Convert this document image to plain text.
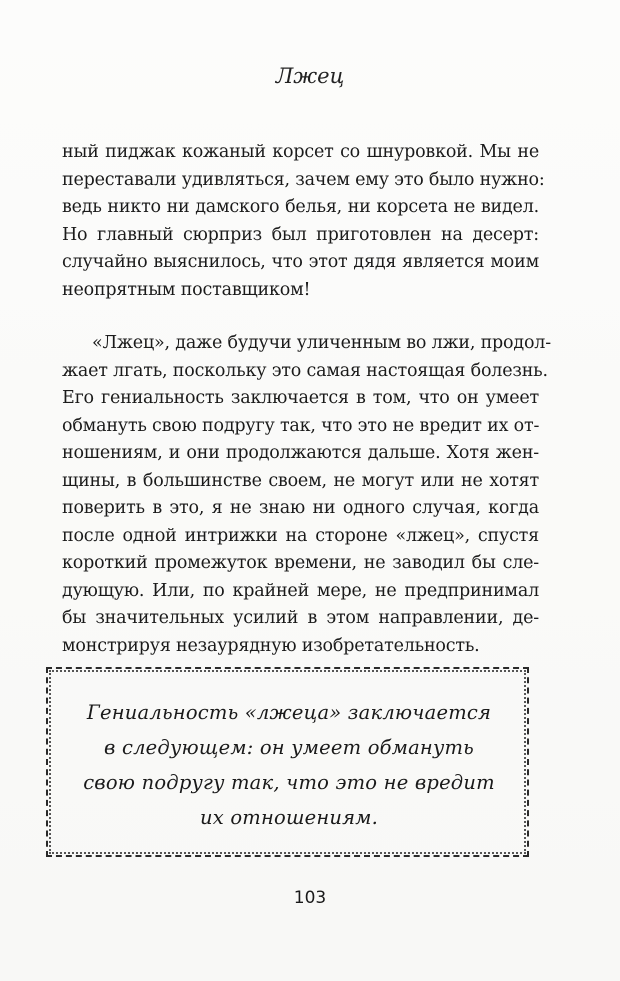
Лжец

ный пиджак кожаный корсет со шнуровкой. Мы не
переставали удивляться, зачем ему это было нужно:
ведь никто ни дамского белья, ни корсета не видел.
Но главный сюрприз был приготовлен на десерт:
случайно выяснилось, что этот дядя является моим
неопрятным поставщиком!

«Лжец», даже будучи уличенным во лжи, продол-
жает лгать, поскольку это самая настоящая болезнь.
Его гениальность заключается в том, что он умеет
обмануть свою подругу так, что это не вредит их от-
ношениям, и они продолжаются дальше. Хотя жен-
щины, в большинстве своем, не могут или не хотят
поверить в это, я не знаю ни одного случая, когда
после одной интрижки на стороне «лжец», спустя
короткий промежуток времени, не заводил бы сле-
дующую. Или, по крайней мере, не предпринимал
бы значительных усилий в этом направлении, де-
монстрируя незаурядную изобретательность.

Гениальность «лжеца» заключается
в следующем: он умеет обмануть
свою подругу так, что это не вредит
их отношениям.
103
